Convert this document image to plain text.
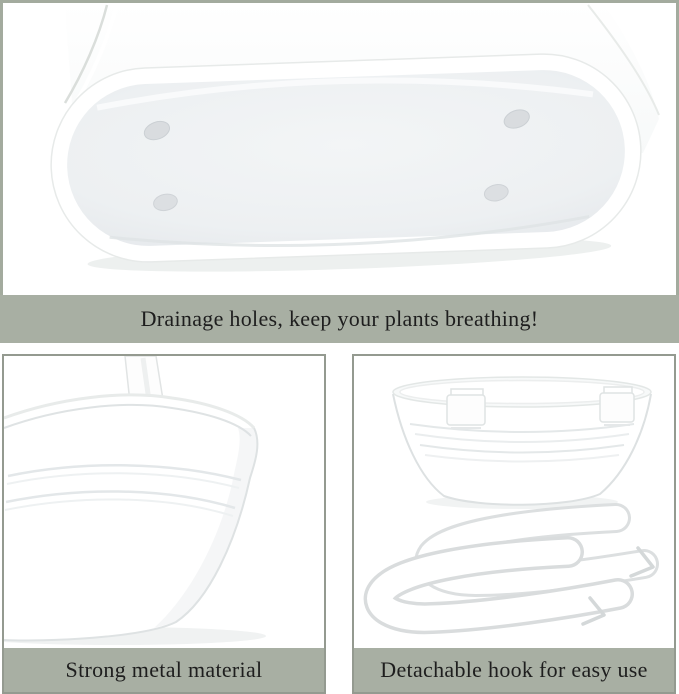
Drainage holes, keep your plants breathing!
Strong metal material	Detachable hook for easy use
